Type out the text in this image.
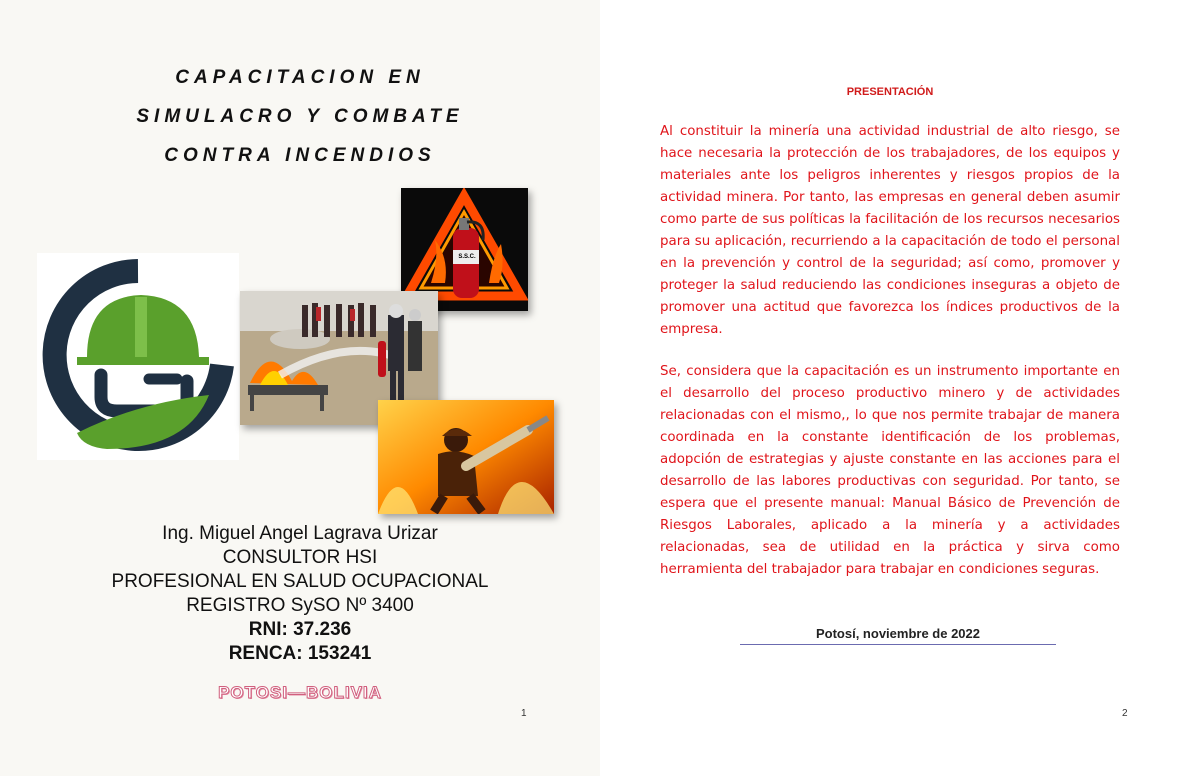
CAPACITACION EN
SIMULACRO Y COMBATE
CONTRA INCENDIOS
S.S.C.
Ing. Miguel Angel Lagrava Urizar
CONSULTOR HSI
PROFESIONAL EN SALUD OCUPACIONAL
REGISTRO SySO Nº 3400
RNI: 37.236
RENCA: 153241
POTOSI—BOLIVIA
1
PRESENTACIÓN

Al constituir la minería una actividad industrial de alto riesgo, se hace necesaria la protección de los trabajadores, de los equipos y materiales ante los peligros inherentes y riesgos propios de la actividad minera. Por tanto, las empresas en general deben asumir como parte de sus políticas la facilitación de los recursos necesarios para su aplicación, recurriendo a la capacitación de todo el personal en la prevención y control de la seguridad; así como, promover y proteger la salud reduciendo las condiciones inseguras a objeto de promover una actitud que favorezca los índices productivos de la empresa.

Se, considera que la capacitación es un instrumento importante en el desarrollo del proceso productivo minero y de actividades relacionadas con el mismo,, lo que nos permite trabajar de manera coordinada en la constante identificación de los problemas, adopción de estrategias y ajuste constante en las acciones para el desarrollo de las labores productivas con seguridad. Por tanto, se espera que el presente manual: Manual Básico de Prevención de Riesgos Laborales, aplicado a la minería y a actividades relacionadas, sea de utilidad en la práctica y sirva como herramienta del trabajador para trabajar en condiciones seguras.

Potosí, noviembre de 2022
2
